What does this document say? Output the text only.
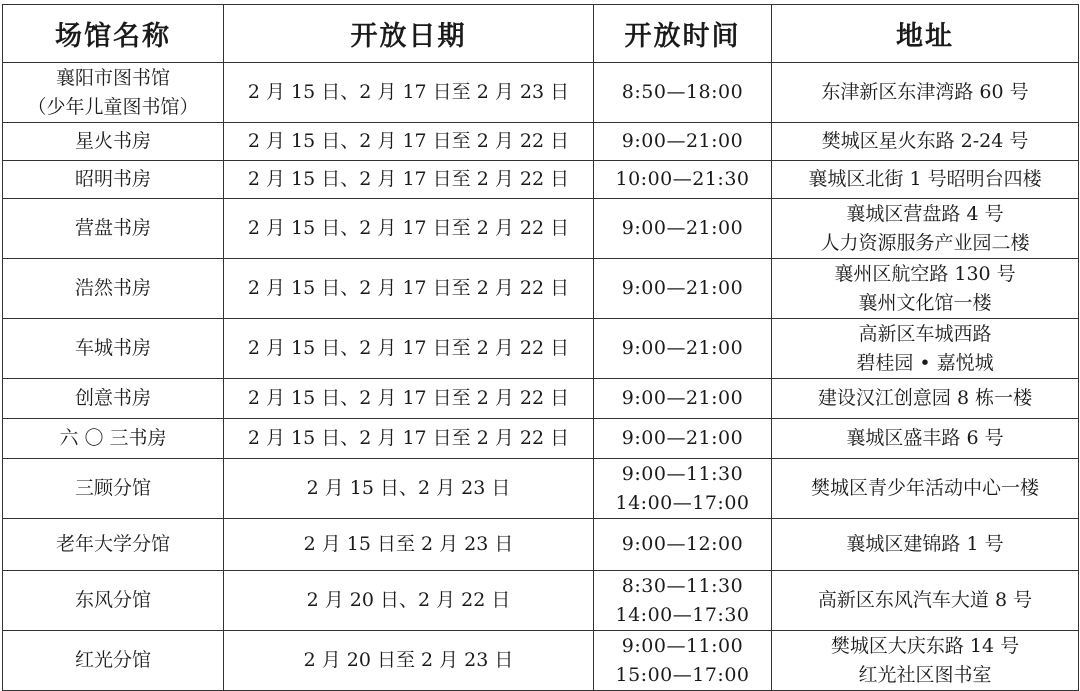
场馆名称	开放日期	开放时间	地址

襄阳市图书馆
（少年儿童图书馆）	2 月 15 日、2 月 17 日至 2 月 23 日	8:50—18:00	东津新区东津湾路 60 号

星火书房	2 月 15 日、2 月 17 日至 2 月 22 日	9:00—21:00	樊城区星火东路 2-24 号

昭明书房	2 月 15 日、2 月 17 日至 2 月 22 日	10:00—21:30	襄城区北街 1 号昭明台四楼

营盘书房	2 月 15 日、2 月 17 日至 2 月 22 日	9:00—21:00	襄城区营盘路 4 号
人力资源服务产业园二楼

浩然书房	2 月 15 日、2 月 17 日至 2 月 22 日	9:00—21:00	襄州区航空路 130 号
襄州文化馆一楼

车城书房	2 月 15 日、2 月 17 日至 2 月 22 日	9:00—21:00	高新区车城西路
碧桂园 • 嘉悦城

创意书房	2 月 15 日、2 月 17 日至 2 月 22 日	9:00—21:00	建设汉江创意园 8 栋一楼

六 〇 三书房	2 月 15 日、2 月 17 日至 2 月 22 日	9:00—21:00	襄城区盛丰路 6 号

三顾分馆	2 月 15 日、2 月 23 日	9:00—11:30
14:00—17:00	樊城区青少年活动中心一楼

老年大学分馆	2 月 15 日至 2 月 23 日	9:00—12:00	襄城区建锦路 1 号

东风分馆	2 月 20 日、2 月 22 日	8:30—11:30
14:00—17:30	高新区东风汽车大道 8 号

红光分馆	2 月 20 日至 2 月 23 日	9:00—11:00
15:00—17:00	樊城区大庆东路 14 号
红光社区图书室
